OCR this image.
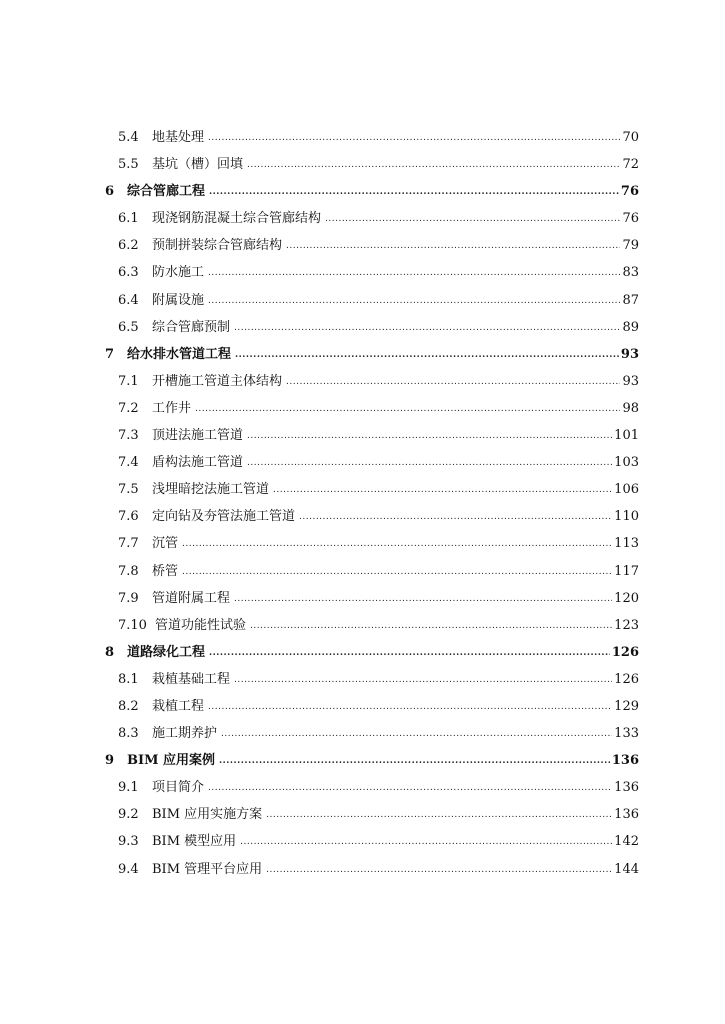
5.4	地基处理 .....	70
5.5	基坑（槽）回填 .....	72
6 综合管廊工程 .....	76
6.1	现浇钢筋混凝土综合管廊结构 .....	76
6.2	预制拼装综合管廊结构 .....	79
6.3	防水施工 .....	83
6.4	附属设施 .....	87
6.5	综合管廊预制 .....	89
7 给水排水管道工程 .....	93
7.1	开槽施工管道主体结构 .....	93
7.2	工作井 .....	98
7.3	顶进法施工管道 .....	101
7.4	盾构法施工管道 .....	103
7.5	浅埋暗挖法施工管道 .....	106
7.6	定向钻及夯管法施工管道 .....	110
7.7	沉管 .....	113
7.8	桥管 .....	117
7.9	管道附属工程 .....	120
7.10 管道功能性试验 .....	123
8 道路绿化工程 .....	126
8.1	栽植基础工程 .....	126
8.2	栽植工程 .....	129
8.3	施工期养护 .....	133
9 BIM 应用案例 .....	136
9.1	项目简介 .....	136
9.2	BIM 应用实施方案 .....	136
9.3	BIM 模型应用 .....	142
9.4	BIM 管理平台应用 .....	144
